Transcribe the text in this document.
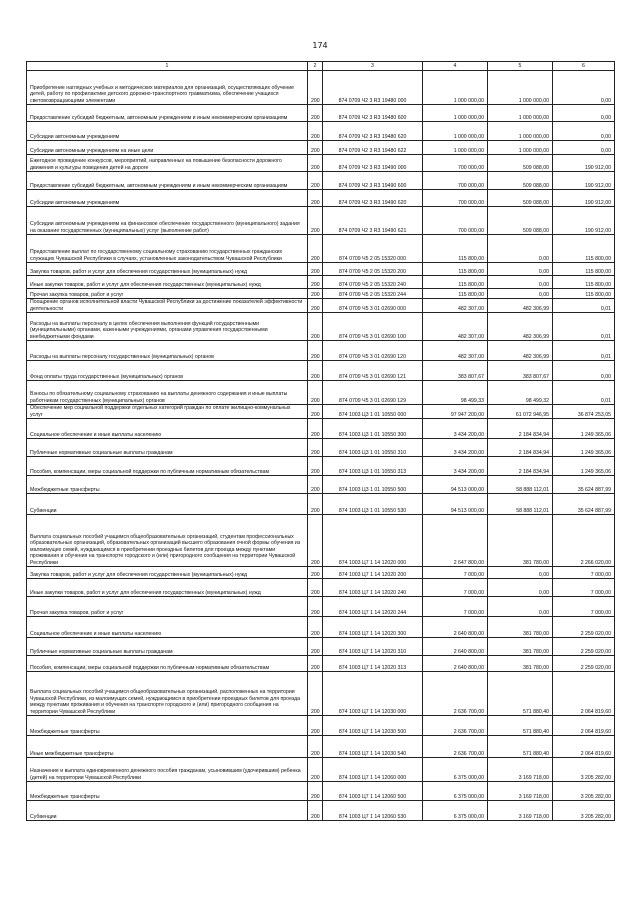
174
1	2	3	4	5	6
Приобретение наглядных учебных и методических материалов для организаций, осуществляющих обучение детей, работу по профилактике детского дорожно-транспортного травматизма, обеспечение учащихся световозвращающими элементами	200	874 0709 Ч2 3 R3 19480 000	1 000 000,00	1 000 000,00	0,00
Предоставление субсидий бюджетным, автономным учреждениям и иным некоммерческим организациям	200	874 0709 Ч2 3 R3 19480 600	1 000 000,00	1 000 000,00	0,00
Субсидии автономным учреждениям	200	874 0709 Ч2 3 R3 19480 620	1 000 000,00	1 000 000,00	0,00
Субсидии автономным учреждениям на иные цели	200	874 0709 Ч2 3 R3 19480 622	1 000 000,00	1 000 000,00	0,00
Ежегодное проведение конкурсов, мероприятий, направленных на повышение безопасности дорожного движения и культуры поведения детей на дороге	200	874 0709 Ч2 3 R3 19490 000	700 000,00	509 088,00	190 912,00
Предоставление субсидий бюджетным, автономным учреждениям и иным некоммерческим организациям	200	874 0709 Ч2 3 R3 19490 600	700 000,00	509 088,00	190 912,00
Субсидии автономным учреждениям	200	874 0709 Ч2 3 R3 19490 620	700 000,00	509 088,00	190 912,00
Субсидии автономным учреждениям на финансовое обеспечение государственного (муниципального) задания на оказание государственных (муниципальных) услуг (выполнение работ)	200	874 0709 Ч2 3 R3 19490 621	700 000,00	509 088,00	190 912,00
Предоставление выплат по государственному социальному страхованию государственных гражданских служащих Чувашской Республики в случаях, установленных законодательством Чувашской Республики	200	874 0709 Ч5 2 05 15320 000	115 800,00	0,00	115 800,00
Закупка товаров, работ и услуг для обеспечения государственных (муниципальных) нужд	200	874 0709 Ч5 2 05 15320 200	115 800,00	0,00	115 800,00
Иные закупки товаров, работ и услуг для обеспечения государственных (муниципальных) нужд	200	874 0709 Ч5 2 05 15320 240	115 800,00	0,00	115 800,00
Прочая закупка товаров, работ и услуг	200	874 0709 Ч5 2 05 15320 244	115 800,00	0,00	115 800,00
Поощрение органов исполнительной власти Чувашской Республики за достижение показателей эффективности деятельности	200	874 0709 Ч5 3 01 02690 000	482 307,00	482 306,99	0,01
Расходы на выплаты персоналу в целях обеспечения выполнения функций государственными (муниципальными) органами, казенными учреждениями, органами управления государственными внебюджетными фондами	200	874 0709 Ч5 3 01 02690 100	482 307,00	482 306,99	0,01
Расходы на выплаты персоналу государственных (муниципальных) органов	200	874 0709 Ч5 3 01 02690 120	482 307,00	482 306,99	0,01
Фонд оплаты труда государственных (муниципальных) органов	200	874 0709 Ч5 3 01 02690 121	383 807,67	383 807,67	0,00
Взносы по обязательному социальному страхованию на выплаты денежного содержания и иные выплаты работникам государственных (муниципальных) органов	200	874 0709 Ч5 3 01 02690 129	98 499,33	98 499,32	0,01
Обеспечение мер социальной поддержки отдельных категорий граждан по оплате жилищно-коммунальных услуг	200	874 1003 Ц3 1 01 10550 000	97 947 200,00	61 072 946,95	36 874 253,05
Социальное обеспечение и иные выплаты населению	200	874 1003 Ц3 1 01 10550 300	3 434 200,00	2 184 834,94	1 249 365,06
Публичные нормативные социальные выплаты гражданам	200	874 1003 Ц3 1 01 10550 310	3 434 200,00	2 184 834,94	1 249 365,06
Пособия, компенсации, меры социальной поддержки по публичным нормативным обязательствам	200	874 1003 Ц3 1 01 10550 313	3 434 200,00	2 184 834,94	1 249 365,06
Межбюджетные трансферты	200	874 1003 Ц3 1 01 10550 500	94 513 000,00	58 888 112,01	35 624 887,99
Субвенции	200	874 1003 Ц3 1 01 10550 530	94 513 000,00	58 888 112,01	35 624 887,99
Выплата социальных пособий учащимся общеобразовательных организаций, студентам профессиональных образовательных организаций, образовательных организаций высшего образования очной формы обучения из малоимущих семей, нуждающимся в приобретении проездных билетов для проезда между пунктами проживания и обучения на транспорте городского и (или) пригородного сообщения на территории Чувашской Республики	200	874 1003 Ц7 1 14 12020 000	2 647 800,00	381 780,00	2 266 020,00
Закупка товаров, работ и услуг для обеспечения государственных (муниципальных) нужд	200	874 1003 Ц7 1 14 12020 200	7 000,00	0,00	7 000,00
Иные закупки товаров, работ и услуг для обеспечения государственных (муниципальных) нужд	200	874 1003 Ц7 1 14 12020 240	7 000,00	0,00	7 000,00
Прочая закупка товаров, работ и услуг	200	874 1003 Ц7 1 14 12020 244	7 000,00	0,00	7 000,00
Социальное обеспечение и иные выплаты населению	200	874 1003 Ц7 1 14 12020 300	2 640 800,00	381 780,00	2 259 020,00
Публичные нормативные социальные выплаты гражданам	200	874 1003 Ц7 1 14 12020 310	2 640 800,00	381 780,00	2 259 020,00
Пособия, компенсации, меры социальной поддержки по публичным нормативным обязательствам	200	874 1003 Ц7 1 14 12020 313	2 640 800,00	381 780,00	2 259 020,00
Выплата социальных пособий учащимся общеобразовательных организаций, расположенных на территории Чувашской Республики, из малоимущих семей, нуждающимся в приобретении проездных билетов для проезда между пунктами проживания и обучения на транспорте городского и (или) пригородного сообщения на территории Чувашской Республики	200	874 1003 Ц7 1 14 12030 000	2 636 700,00	571 880,40	2 064 819,60
Межбюджетные трансферты	200	874 1003 Ц7 1 14 12030 500	2 636 700,00	571 880,40	2 064 819,60
Иные межбюджетные трансферты	200	874 1003 Ц7 1 14 12030 540	2 636 700,00	571 880,40	2 064 819,60
Назначение и выплата единовременного денежного пособия гражданам, усыновившим (удочерившим) ребенка (детей) на территории Чувашской Республики	200	874 1003 Ц7 1 14 12060 000	6 375 000,00	3 169 718,00	3 205 282,00
Межбюджетные трансферты	200	874 1003 Ц7 1 14 12060 500	6 375 000,00	3 169 718,00	3 205 282,00
Субвенции	200	874 1003 Ц7 1 14 12060 530	6 375 000,00	3 169 718,00	3 205 282,00
